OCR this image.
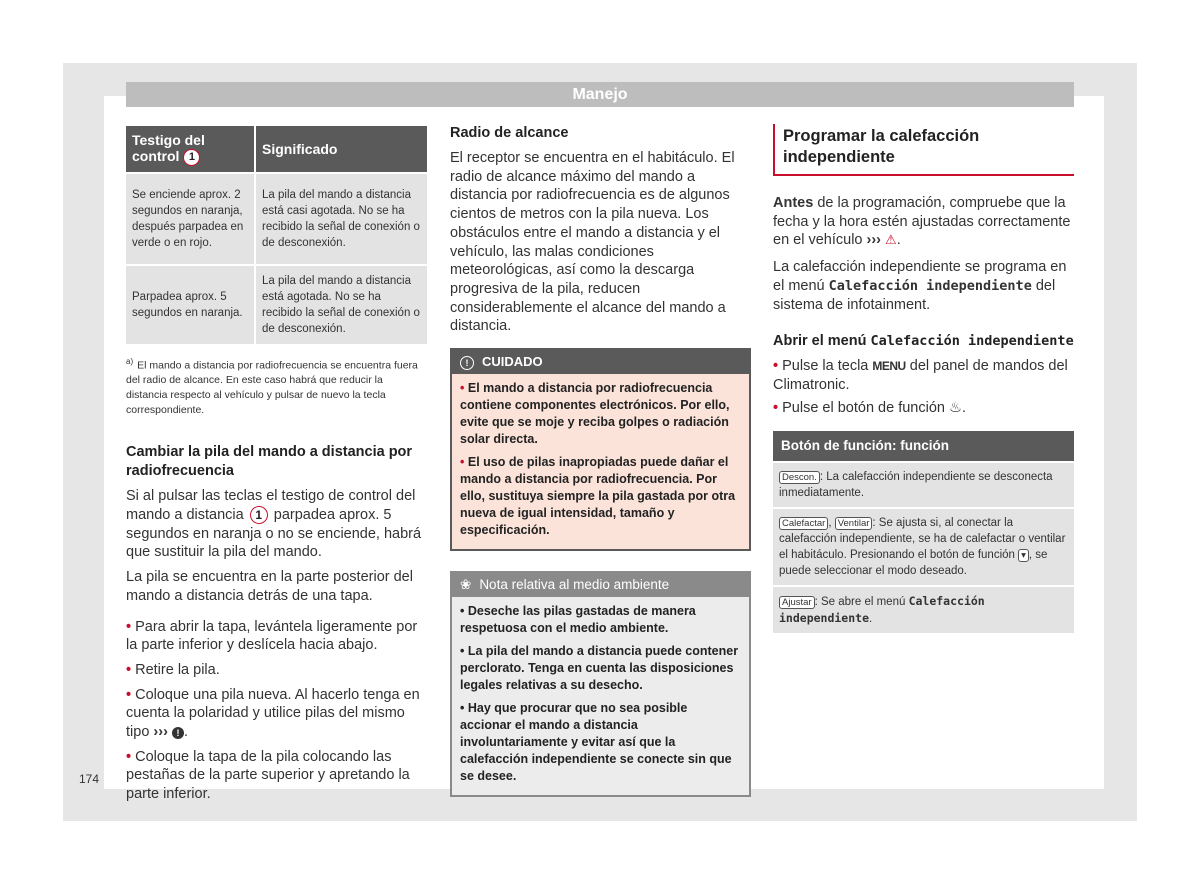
Manejo
Testigo del control 1	Significado
Se enciende aprox. 2 segundos en naranja, después parpadea en verde o en rojo.	La pila del mando a distancia está casi agotada. No se ha recibido la señal de conexión o de desconexión.
Parpadea aprox. 5 segundos en naranja.	La pila del mando a distancia está agotada. No se ha recibido la señal de conexión o de desconexión.
$^{a)}$ El mando a distancia por radiofrecuencia se encuentra fuera del radio de alcance. En este caso habrá que reducir la distancia respecto al vehículo y pulsar de nuevo la tecla correspondiente.
Cambiar la pila del mando a distancia por radiofrecuencia

Si al pulsar las teclas el testigo de control del mando a distancia 1 parpadea aprox. 5 segundos en naranja o no se enciende, habrá que sustituir la pila del mando.

La pila se encuentra en la parte posterior del mando a distancia detrás de una tapa.

• Para abrir la tapa, levántela ligeramente por la parte inferior y deslícela hacia abajo.

• Retire la pila.

• Coloque una pila nueva. Al hacerlo tenga en cuenta la polaridad y utilice pilas del mismo tipo ››› ! .

• Coloque la tapa de la pila colocando las pestañas de la parte superior y apretando la parte inferior.

Radio de alcance

El receptor se encuentra en el habitáculo. El radio de alcance máximo del mando a distancia por radiofrecuencia es de algunos cientos de metros con la pila nueva. Los obstáculos entre el mando a distancia y el vehículo, las malas condiciones meteorológicas, así como la descarga progresiva de la pila, reducen considerablemente el alcance del mando a distancia.

! CUIDADO

• El mando a distancia por radiofrecuencia contiene componentes electrónicos. Por ello, evite que se moje y reciba golpes o radiación solar directa.

• El uso de pilas inapropiadas puede dañar el mando a distancia por radiofrecuencia. Por ello, sustituya siempre la pila gastada por otra nueva de igual intensidad, tamaño y especificación.

❀ Nota relativa al medio ambiente

• Deseche las pilas gastadas de manera respetuosa con el medio ambiente.

• La pila del mando a distancia puede contener perclorato. Tenga en cuenta las disposiciones legales relativas a su desecho.

• Hay que procurar que no sea posible accionar el mando a distancia involuntariamente y evitar así que la calefacción independiente se conecte sin que se desee.

Programar la calefacción independiente

Antes de la programación, compruebe que la fecha y la hora estén ajustadas correctamente en el vehículo ››› ⚠.

La calefacción independiente se programa en el menú Calefacción independiente del sistema de infotainment.

Abrir el menú Calefacción independiente

• Pulse la tecla MENU del panel de mandos del Climatronic.

• Pulse el botón de función ♨.

Botón de función: función
Descon. : La calefacción independiente se desconecta inmediatamente.
Calefactar , Ventilar : Se ajusta si, al conectar la calefacción independiente, se ha de calefactar o ventilar el habitáculo. Presionando el botón de función ▾ , se puede seleccionar el modo deseado.
Ajustar : Se abre el menú Calefacción independiente.
174
